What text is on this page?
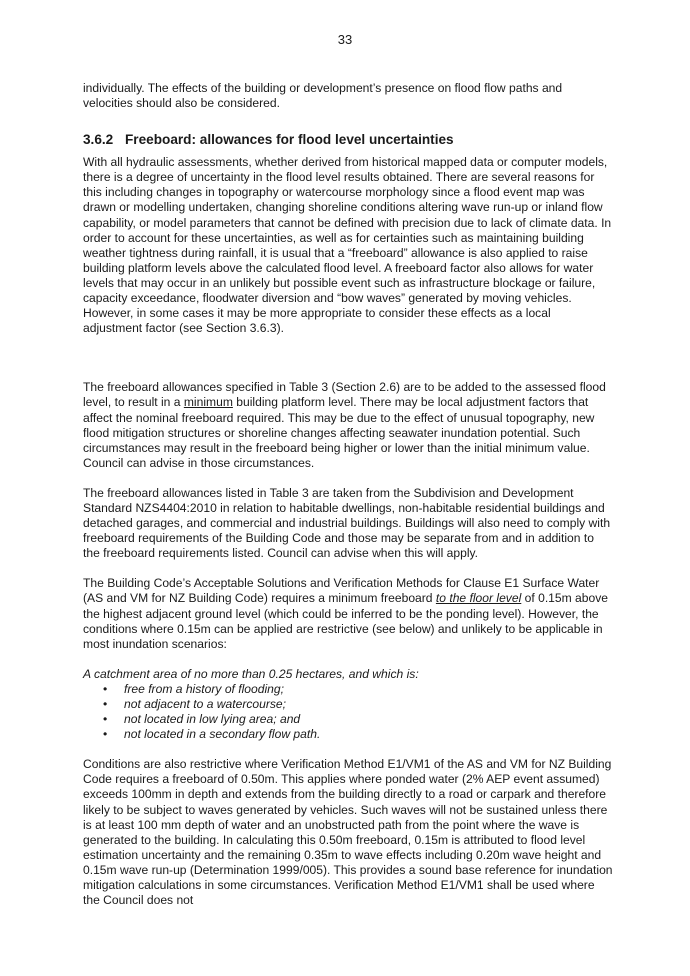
33

individually. The effects of the building or development’s presence on flood flow paths and velocities should also be considered.

3.6.2 Freeboard: allowances for flood level uncertainties

With all hydraulic assessments, whether derived from historical mapped data or computer models, there is a degree of uncertainty in the flood level results obtained. There are several reasons for this including changes in topography or watercourse morphology since a flood event map was drawn or modelling undertaken, changing shoreline conditions altering wave run-up or inland flow capability, or model parameters that cannot be defined with precision due to lack of climate data. In order to account for these uncertainties, as well as for certainties such as maintaining building weather tightness during rainfall, it is usual that a “freeboard” allowance is also applied to raise building platform levels above the calculated flood level. A freeboard factor also allows for water levels that may occur in an unlikely but possible event such as infrastructure blockage or failure, capacity exceedance, floodwater diversion and “bow waves” generated by moving vehicles. However, in some cases it may be more appropriate to consider these effects as a local adjustment factor (see Section 3.6.3).

The freeboard allowances specified in Table 3 (Section 2.6) are to be added to the assessed flood level, to result in a minimum building platform level. There may be local adjustment factors that affect the nominal freeboard required. This may be due to the effect of unusual topography, new flood mitigation structures or shoreline changes affecting seawater inundation potential. Such circumstances may result in the freeboard being higher or lower than the initial minimum value. Council can advise in those circumstances.

The freeboard allowances listed in Table 3 are taken from the Subdivision and Development Standard NZS4404:2010 in relation to habitable dwellings, non-habitable residential buildings and detached garages, and commercial and industrial buildings. Buildings will also need to comply with freeboard requirements of the Building Code and those may be separate from and in addition to the freeboard requirements listed. Council can advise when this will apply.

The Building Code’s Acceptable Solutions and Verification Methods for Clause E1 Surface Water (AS and VM for NZ Building Code) requires a minimum freeboard to the floor level of 0.15m above the highest adjacent ground level (which could be inferred to be the ponding level). However, the conditions where 0.15m can be applied are restrictive (see below) and unlikely to be applicable in most inundation scenarios:

A catchment area of no more than 0.25 hectares, and which is:

• free from a history of flooding;
• not adjacent to a watercourse;
• not located in low lying area; and
• not located in a secondary flow path.

Conditions are also restrictive where Verification Method E1/VM1 of the AS and VM for NZ Building Code requires a freeboard of 0.50m. This applies where ponded water (2% AEP event assumed) exceeds 100mm in depth and extends from the building directly to a road or carpark and therefore likely to be subject to waves generated by vehicles. Such waves will not be sustained unless there is at least 100 mm depth of water and an unobstructed path from the point where the wave is generated to the building. In calculating this 0.50m freeboard, 0.15m is attributed to flood level estimation uncertainty and the remaining 0.35m to wave effects including 0.20m wave height and 0.15m wave run-up (Determination 1999/005). This provides a sound base reference for inundation mitigation calculations in some circumstances. Verification Method E1/VM1 shall be used where the Council does not
